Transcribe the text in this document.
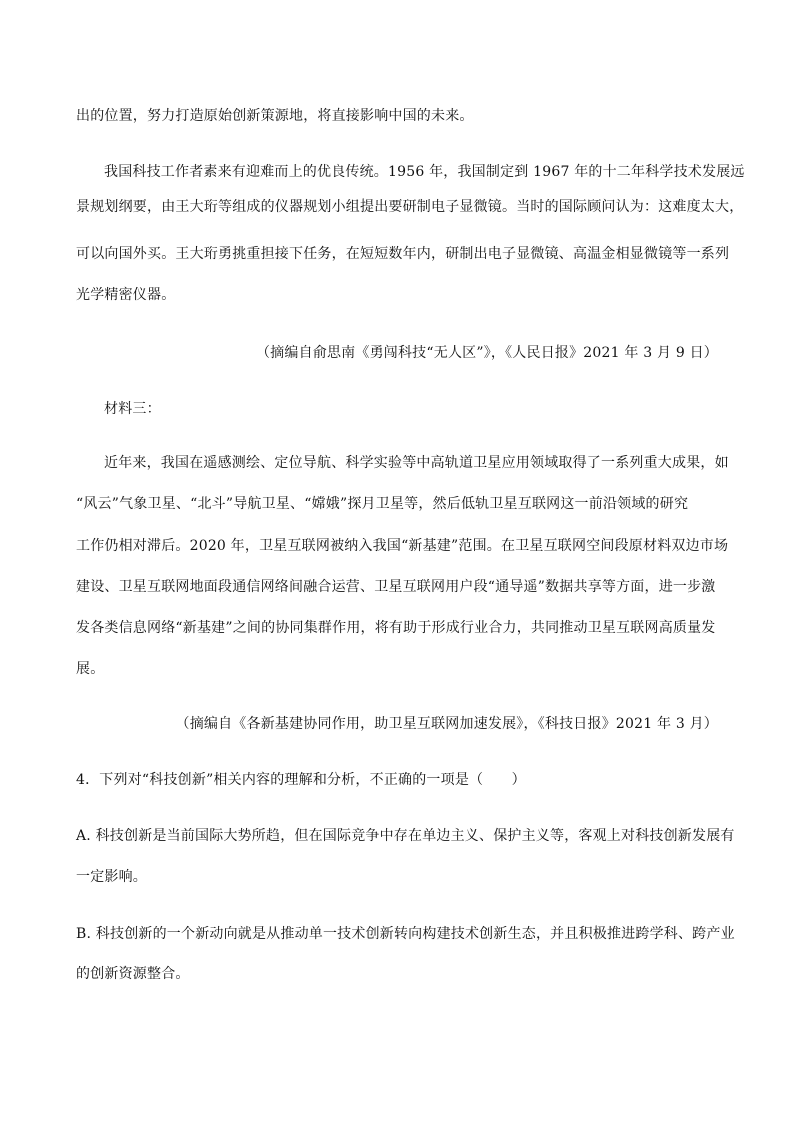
出的位置，努力打造原始创新策源地，将直接影响中国的未来。
我国科技工作者素来有迎难而上的优良传统。1956 年，我国制定到 1967 年的十二年科学技术发展远
景规划纲要，由王大珩等组成的仪器规划小组提出要研制电子显微镜。当时的国际顾问认为：这难度太大，
可以向国外买。王大珩勇挑重担接下任务，在短短数年内，研制出电子显微镜、高温金相显微镜等一系列
光学精密仪器。
（摘编自俞思南《勇闯科技“无人区”》，《人民日报》2021 年 3 月 9 日）
材料三：
近年来，我国在遥感测绘、定位导航、科学实验等中高轨道卫星应用领域取得了一系列重大成果，如
“风云”气象卫星、“北斗”导航卫星、“嫦娥”探月卫星等，然后低轨卫星互联网这一前沿领域的研究
工作仍相对滞后。2020 年，卫星互联网被纳入我国“新基建”范围。在卫星互联网空间段原材料双边市场
建设、卫星互联网地面段通信网络间融合运营、卫星互联网用户段“通导遥”数据共享等方面，进一步激
发各类信息网络“新基建”之间的协同集群作用，将有助于形成行业合力，共同推动卫星互联网高质量发
展。
（摘编自《各新基建协同作用，助卫星互联网加速发展》，《科技日报》2021 年 3 月）
4．下列对“科技创新”相关内容的理解和分析，不正确的一项是（　　）
A. 科技创新是当前国际大势所趋，但在国际竞争中存在单边主义、保护主义等，客观上对科技创新发展有
一定影响。
B. 科技创新的一个新动向就是从推动单一技术创新转向构建技术创新生态，并且积极推进跨学科、跨产业
的创新资源整合。
